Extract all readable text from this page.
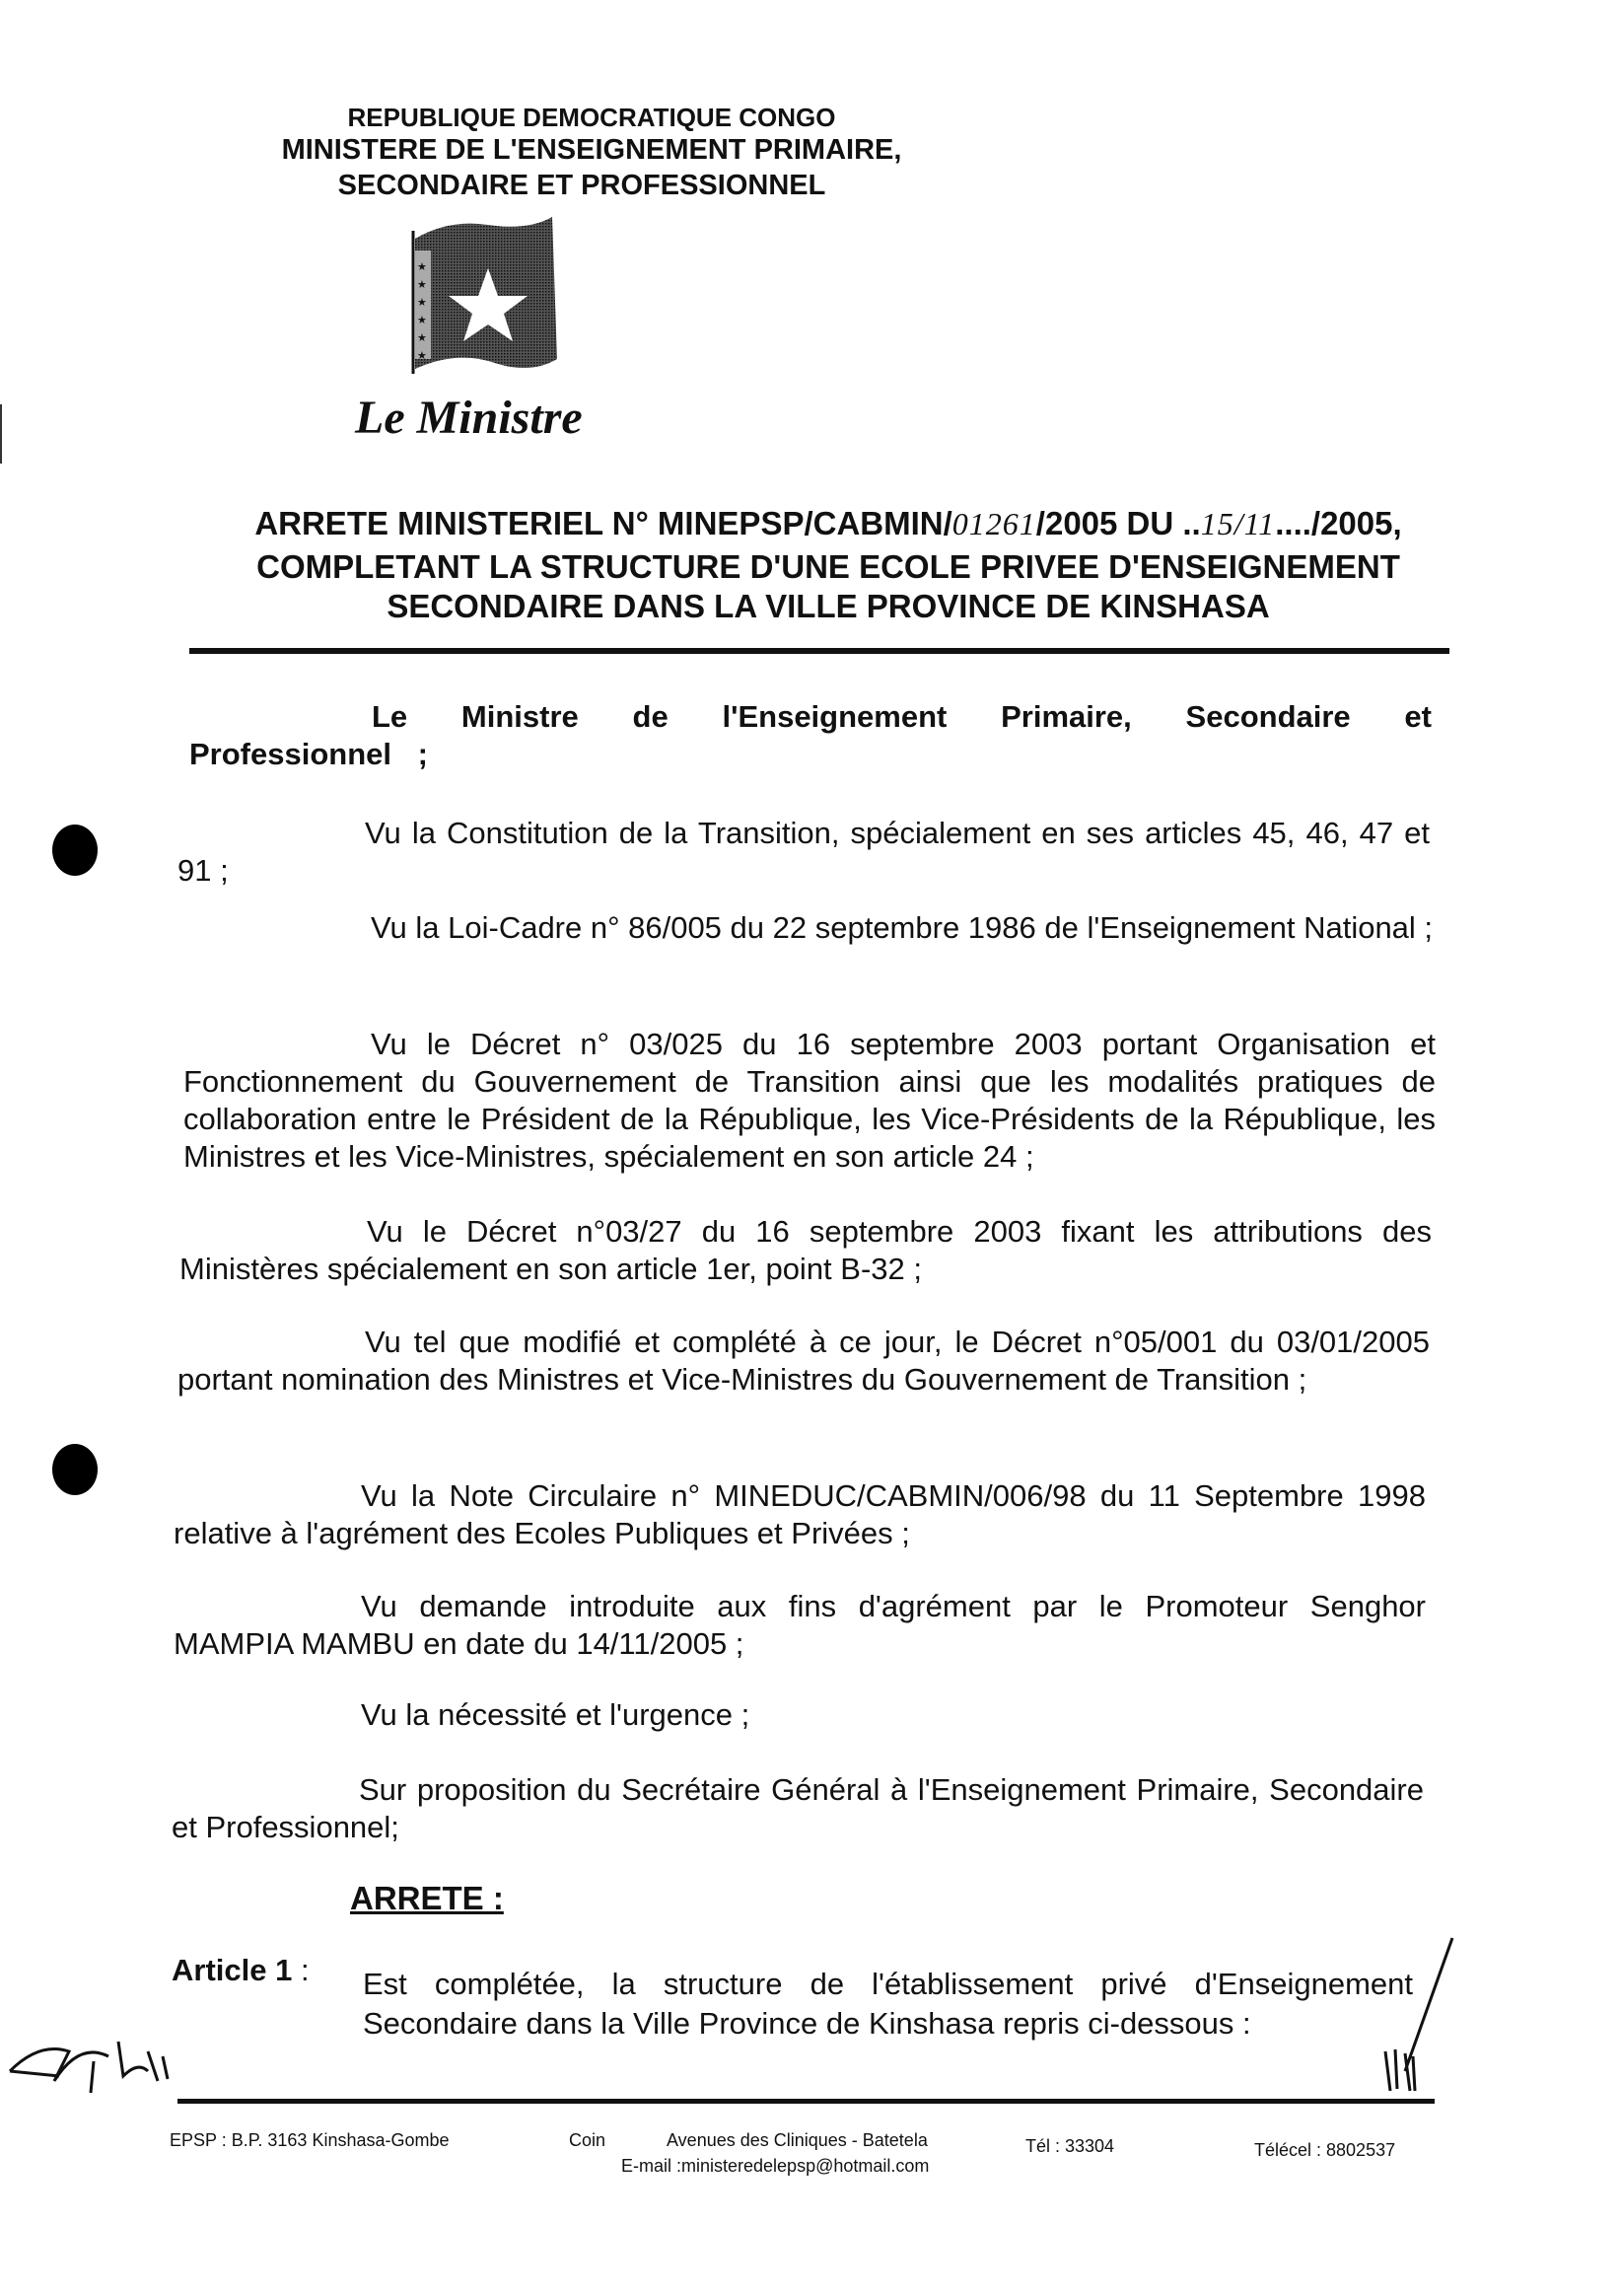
REPUBLIQUE DEMOCRATIQUE CONGO
MINISTERE DE L'ENSEIGNEMENT PRIMAIRE,
SECONDAIRE ET PROFESSIONNEL
★
★
★
★
★
★
Le Ministre
ARRETE MINISTERIEL N° MINEPSP/CABMIN/01261/2005 DU ..15/11..../2005,
COMPLETANT LA STRUCTURE D'UNE ECOLE PRIVEE D'ENSEIGNEMENT
SECONDAIRE DANS LA VILLE PROVINCE DE KINSHASA
Le Ministre de l'Enseignement Primaire, Secondaire et Professionnel ;
Vu la Constitution de la Transition, spécialement en ses articles 45, 46, 47 et 91 ;
Vu la Loi-Cadre n° 86/005 du 22 septembre 1986 de l'Enseignement National ;
Vu le Décret n° 03/025 du 16 septembre 2003 portant Organisation et Fonctionnement du Gouvernement de Transition ainsi que les modalités pratiques de collaboration entre le Président de la République, les Vice-Présidents de la République, les Ministres et les Vice-Ministres, spécialement en son article 24 ;
Vu le Décret n°03/27 du 16 septembre 2003 fixant les attributions des Ministères spécialement en son article 1er, point B-32 ;
Vu tel que modifié et complété à ce jour, le Décret n°05/001 du 03/01/2005 portant nomination des Ministres et Vice-Ministres du Gouvernement de Transition ;
Vu la Note Circulaire n° MINEDUC/CABMIN/006/98 du 11 Septembre 1998 relative à l'agrément des Ecoles Publiques et Privées ;
Vu demande introduite aux fins d'agrément par le Promoteur Senghor MAMPIA MAMBU en date du 14/11/2005 ;
Vu la nécessité et l'urgence ;
Sur proposition du Secrétaire Général à l'Enseignement Primaire, Secondaire et Professionnel;
ARRETE :
Article 1 : Est complétée, la structure de l'établissement privé d'Enseignement Secondaire dans la Ville Province de Kinshasa repris ci-dessous :
EPSP : B.P. 3163 Kinshasa-Gombe	Coin	Avenues des Cliniques - Batetela
E-mail :ministeredelepsp@hotmail.com
Tél : 33304	Télécel : 8802537
